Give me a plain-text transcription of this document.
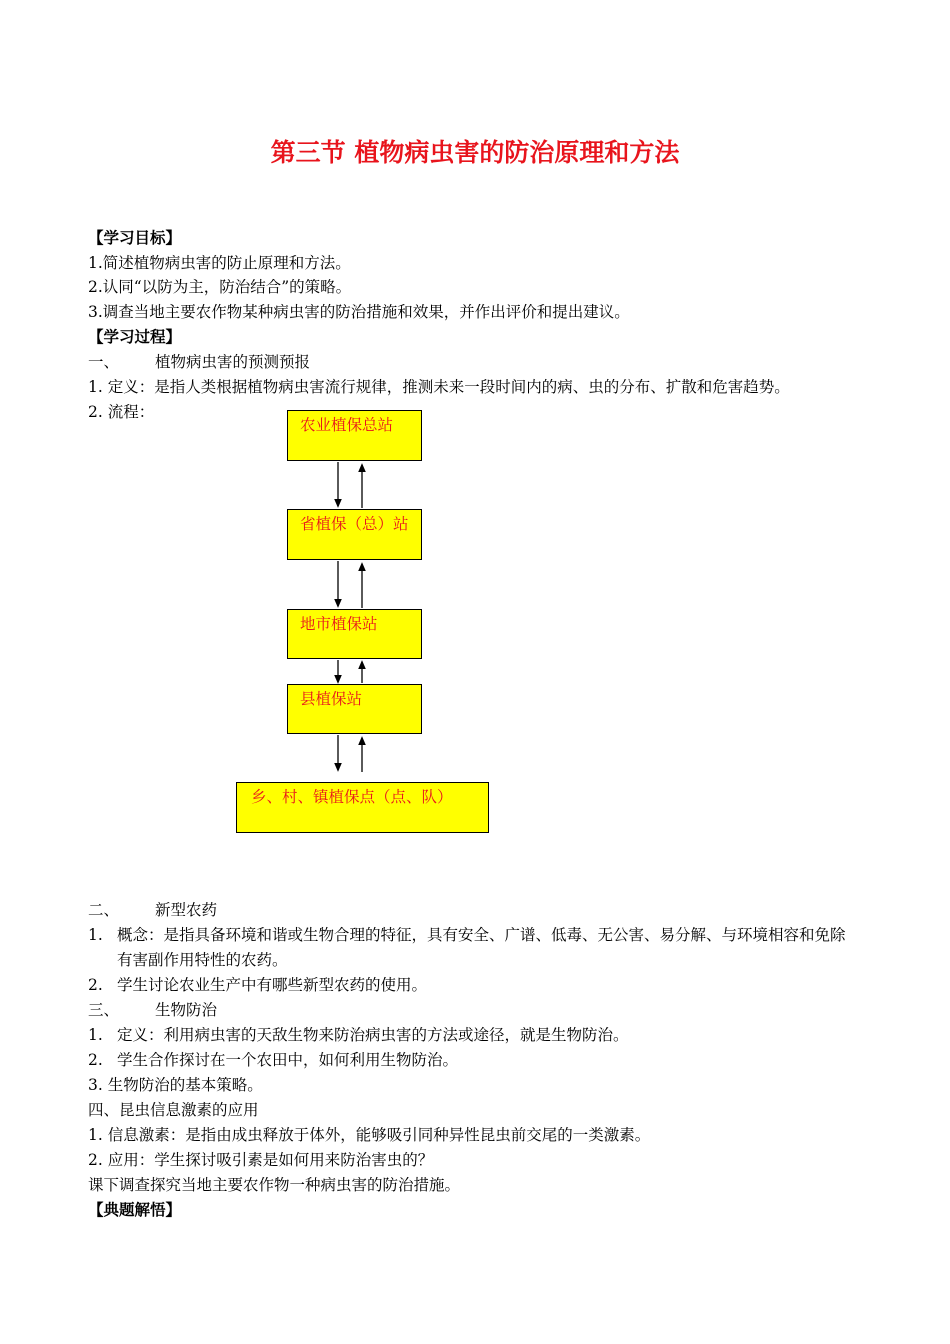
第三节 植物病虫害的防治原理和方法
【学习目标】
1.简述植物病虫害的防止原理和方法。
2.认同“以防为主，防治结合”的策略。
3.调查当地主要农作物某种病虫害的防治措施和效果，并作出评价和提出建议。
【学习过程】
一、 植物病虫害的预测预报
1. 定义：是指人类根据植物病虫害流行规律，推测未来一段时间内的病、虫的分布、扩散和危害趋势。
2. 流程：
农业植保总站
省植保（总）站
地市植保站
县植保站
乡、村、镇植保点（点、队）
二、 新型农药
1. 概念：是指具备环境和谐或生物合理的特征，具有安全、广谱、低毒、无公害、易分解、与环境相容和免除
有害副作用特性的农药。
2. 学生讨论农业生产中有哪些新型农药的使用。
三、 生物防治
1. 定义：利用病虫害的天敌生物来防治病虫害的方法或途径，就是生物防治。
2. 学生合作探讨在一个农田中，如何利用生物防治。
3. 生物防治的基本策略。
四、昆虫信息激素的应用
1. 信息激素：是指由成虫释放于体外，能够吸引同种异性昆虫前交尾的一类激素。
2. 应用：学生探讨吸引素是如何用来防治害虫的？
课下调查探究当地主要农作物一种病虫害的防治措施。
【典题解悟】
